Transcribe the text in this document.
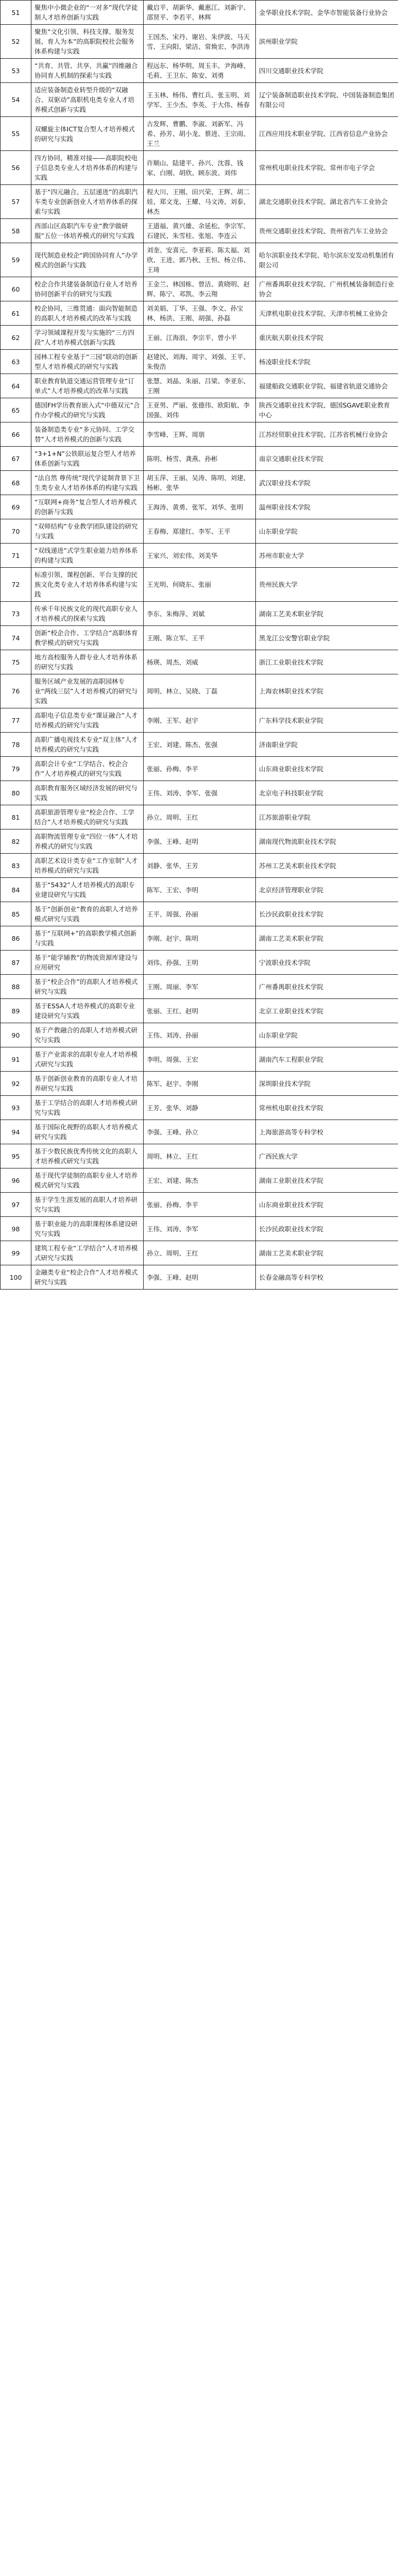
51	聚焦中小微企业的“一对多”现代学徒制人才培养创新与实践	戴启平、胡新华、戴惠江、刘新宇、邵贤平、李若平、林辉	金华职业技术学院、金华市智能装备行业协会
52	聚焦“文化引领、科技支撑、服务发展、育人为本”的高职院校社会服务体系构建与实践	王国杰、宋丹、谢岩、朱伊波、马天雪、王向阳、梁洁、常焕宏、李洪涛	滨州职业学院
53	“共育、共管、共享、共赢”四维融合协同育人机制的探索与实践	程远东、杨华明、周玉丰、尹海峰、毛莉、王卫东、陈安、刘勇	四川交通职业技术学院
54	适应装备制造业转型升级的“双融合、双驱动”高职机电类专业人才培养模式创新与实践	王玉林、杨伟、曹红兵、张玉明、刘学军、王少杰、李英、于大伟、杨春	辽宁装备制造职业技术学院、中国装备制造集团有限公司
55	双螺旋主体ICT复合型人才培养模式的研究与实践	古发辉、曹鹏、李淑、刘新军、冯希、孙芳、胡小龙、蔡进、王宗雨、王兰	江西应用技术职业学院、江西省信息产业协会
56	四方协同，精准对接——高职院校电子信息类专业人才培养体系的构建与实践	许顺山、陆建平、孙兴、沈蓉、钱家、白刚、胡欣、顾东波、刘伟	常州机电职业技术学院、常州市电子学会
57	基于“四元融合、五层递进”的高职汽车类专业创新创业人才培养体系的探索与实践	程大川、王刚、田兴荣、王辉、胡二娃、郑文龙、王耀、马文涛、刘泰、林杰	湖北交通职业技术学院、湖北省汽车工业协会
58	西部山区高职汽车专业“教学做研服”五位一体培养模式的研究与实践	王道福、黄兴雄、余延松、李宗军、石建民、朱雪桂、张旭、李连云	贵州交通职业技术学院、贵州省汽车工业协会
59	现代制造业校企“跨国协同育人”办学模式的创新与实践	刘奎、安喜元、李亚莉、陈太福、刘欣、王进、郭乃秋、王恒、杨立伟、王琦	哈尔滨职业技术学院、哈尔滨东安发动机集团有限公司
60	校企合作共建装备制造行业人才培养协同创新平台的研究与实践	王金兰、林国栋、曾洁、黄晓明、赵辉、陈宁、邓凯、李云翔	广州番禺职业技术学院、广州机械装备制造行业协会
61	校企协同，三维贯通：面向智能制造的高职人才培养模式的改革与实践	刘美娟、丁华、王强、李文、孙宝林、杨洪、王刚、胡强、孙磊	天津机电职业技术学院、天津市机械工业协会
62	学习领域课程开发与实施的“三方四段”人才培养模式创新与实践	王丽、江海浪、李宗平、曾小平	重庆航天职业技术学院
63	园林工程专业基于“三园”联动的创新型人才培养模式的研究与实践	赵建民、刘海、周宇、刘强、王平、朱俊浩	杨凌职业技术学院
64	职业教育轨道交通运营管理专业“订单式”人才培养模式的改革与实践	张慧、刘晶、朱丽、吕梁、李亚东、王刚	福建船政交通职业学院、福建省轨道交通协会
65	德国FH学历教育嵌入式“中德双元”合作办学模式的研究与实践	王亚男、严丽、张德伟、欧阳航、李国强、刘伟	陕西交通职业技术学院、德国SGAVE职业教育中心
66	装备制造类专业“多元协同、工学交替”人才培养模式的创新与实践	李雪峰、王辉、周朋	江苏经贸职业技术学院、江苏省机械行业协会
67	“3+1+N”公铁联运复合型人才培养体系创新与实践	陈明、杨雪、龚燕、孙彬	南京交通职业技术学院
68	“法自然 尊传统”现代学徒制背景下卫生类专业人才培养体系的构建与实践	胡玉萍、王丽、吴涛、陈明、刘建、杨彬、张华	武汉职业技术学院
69	“互联网+商务”复合型人才培养模式的创新与实践	王海涛、黄勇、张军、刘华、张明	温州职业技术学院
70	“双师结构”专业教学团队建设的研究与实践	王春梅、郑建红、李军、王平	山东职业学院
71	“双线递进”式学生职业能力培养体系的构建与实践	王家兴、刘宏伟、刘美华	苏州市职业大学
72	标准引领、课程创新、平台支撑的民族文化类专业人才培养体系构建与实践	王光明、何晓东、张丽	贵州民族大学
73	传承千年民族文化的现代高职专业人才培养模式的探索与实践	李东、朱梅萍、刘斌	湖南工艺美术职业学院
74	创新“校企合作、工学结合”高职体育教学模式的研究与实践	王刚、陈立军、王平	黑龙江公安警官职业学院
75	地方高校服务人群专业人才培养体系的研究与实践	杨瑛、周杰、刘威	浙江工业职业技术学院
76	服务区域产业发展的高职园林专业“两线三层”人才培养模式的研究与实践	周明、林立、吴晓、丁磊	上海农林职业技术学院
77	高职电子信息类专业“课证融合”人才培养模式的研究与实践	李刚、王军、赵宇	广东科学技术职业学院
78	高职广播电视技术专业“双主体”人才培养模式的研究与实践	王宏、刘建、陈杰、张强	济南职业学院
79	高职会计专业“工学结合、校企合作”人才培养模式的研究与实践	张丽、孙梅、李平	山东商业职业技术学院
80	高职教育服务区域经济发展的研究与实践	王伟、刘涛、李军、张强	北京电子科技职业学院
81	高职旅游管理专业“校企合作、工学结合”人才培养模式的研究与实践	孙立、周明、王红	江苏旅游职业学院
82	高职物流管理专业“四位一体”人才培养模式的研究与实践	李强、王峰、赵明	湖南现代物流职业技术学院
83	高职艺术设计类专业“工作室制”人才培养模式的研究与实践	刘静、张华、王芳	苏州工艺美术职业技术学院
84	基于“5432”人才培养模式的高职专业建设研究与实践	陈军、王宏、李明	北京经济管理职业学院
85	基于“创新创业”教育的高职人才培养模式研究与实践	王平、周强、孙丽	长沙民政职业技术学院
86	基于“互联网+”的高职教学模式创新与实践	李刚、赵宇、陈明	湖南工艺美术职业学院
87	基于“能学辅教”的物流资源库建设与应用研究	刘伟、孙强、王明	宁波职业技术学院
88	基于“校企合作”的高职人才培养模式研究与实践	王刚、周丽、李军	广州番禺职业技术学院
89	基于ESSA人才培养模式的高职专业建设研究与实践	张丽、王红、赵明	北京工业职业技术学院
90	基于产教融合的高职人才培养模式研究与实践	王伟、刘涛、孙丽	山东职业学院
91	基于产业需求的高职专业人才培养模式研究与实践	李明、周强、王宏	湖南汽车工程职业学院
92	基于创新创业教育的高职专业人才培养研究与实践	陈军、赵宇、李刚	深圳职业技术学院
93	基于工学结合的高职人才培养模式研究与实践	王芳、张华、刘静	常州机电职业技术学院
94	基于国际化视野的高职人才培养模式研究与实践	李强、王峰、孙立	上海旅游高等专科学校
95	基于少数民族优秀传统文化的高职人才培养模式研究与实践	周明、林立、王红	广西民族大学
96	基于现代学徒制的高职专业人才培养模式研究与实践	王宏、刘建、陈杰	湖南工业职业技术学院
97	基于学生生涯发展的高职人才培养研究与实践	张丽、孙梅、李平	山东商业职业技术学院
98	基于职业能力的高职课程体系建设研究与实践	王伟、刘涛、李军	长沙民政职业技术学院
99	建筑工程专业“工学结合”人才培养模式研究与实践	孙立、周明、王红	湖南工艺美术职业学院
100	金融类专业“校企合作”人才培养模式研究与实践	李强、王峰、赵明	长春金融高等专科学校
